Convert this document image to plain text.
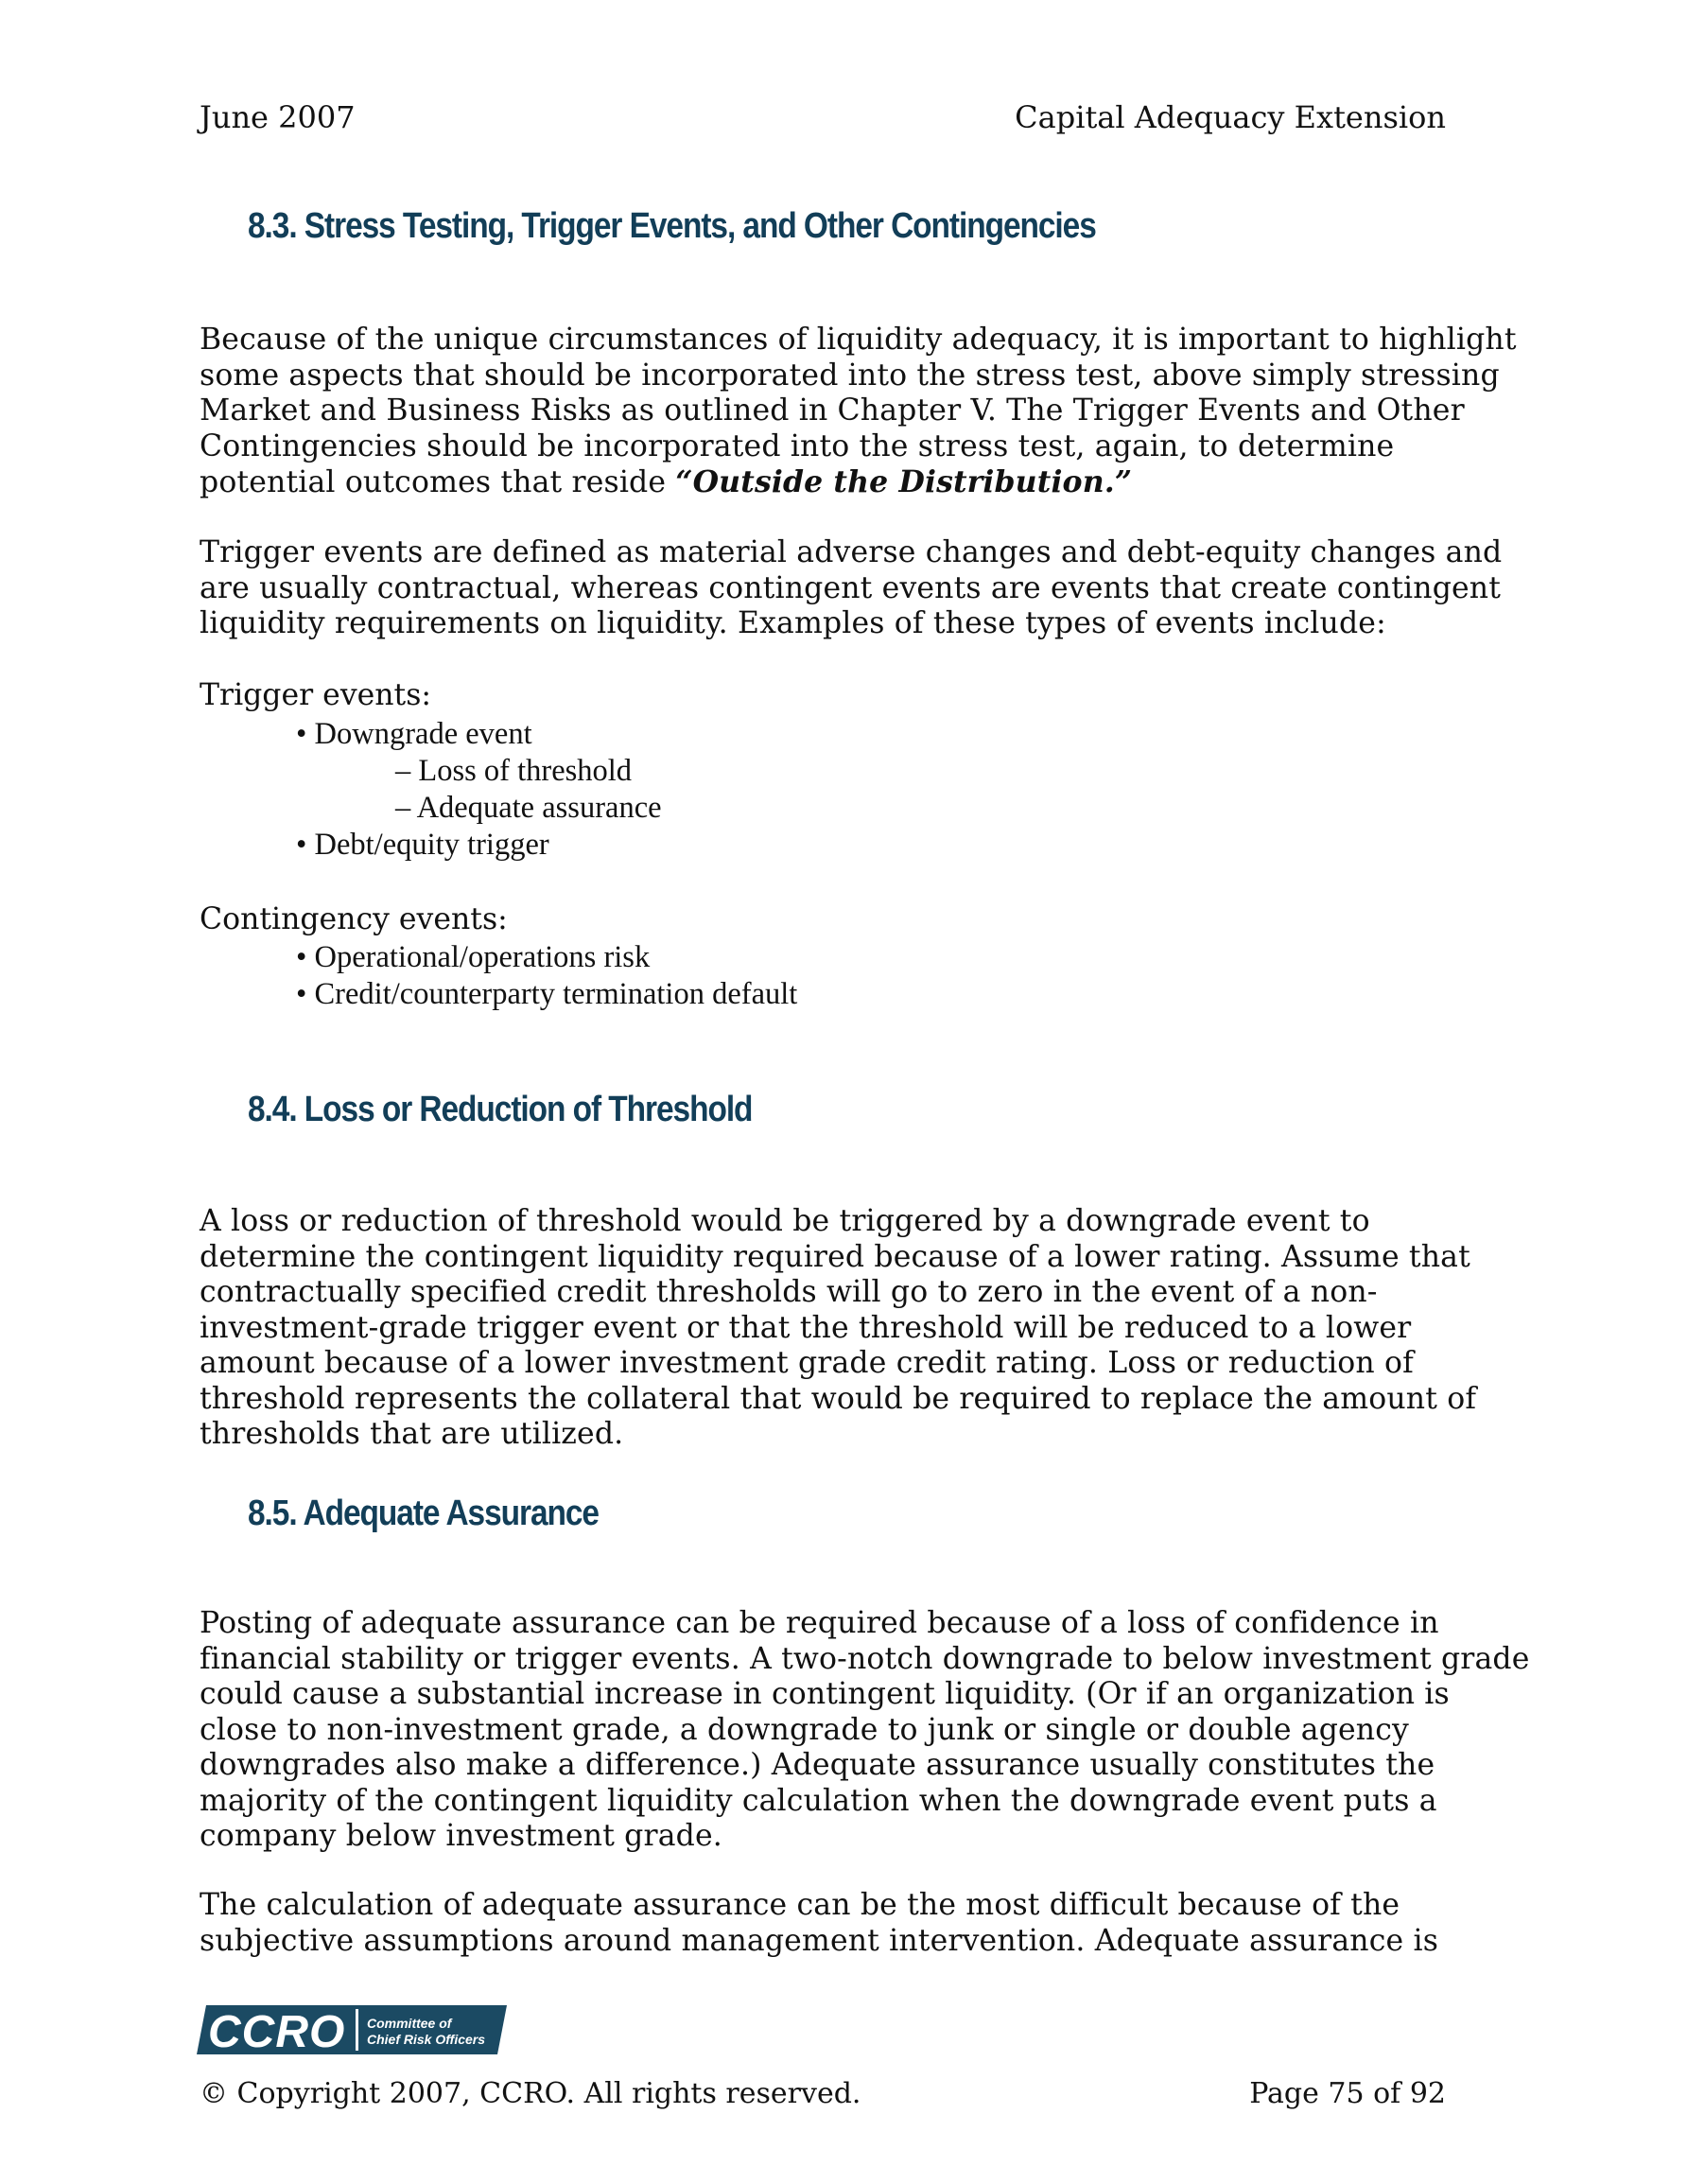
June 2007	Capital Adequacy Extension
8.3. Stress Testing, Trigger Events, and Other Contingencies

Because of the unique circumstances of liquidity adequacy, it is important to highlight some aspects that should be incorporated into the stress test, above simply stressing Market and Business Risks as outlined in Chapter V. The Trigger Events and Other Contingencies should be incorporated into the stress test, again, to determine potential outcomes that reside “Outside the Distribution.”

Trigger events are defined as material adverse changes and debt-equity changes and are usually contractual, whereas contingent events are events that create contingent liquidity requirements on liquidity. Examples of these types of events include:

Trigger events:
• Downgrade event
– Loss of threshold
– Adequate assurance
• Debt/equity trigger
Contingency events:
• Operational/operations risk
• Credit/counterparty termination default
8.4. Loss or Reduction of Threshold

A loss or reduction of threshold would be triggered by a downgrade event to determine the contingent liquidity required because of a lower rating. Assume that contractually specified credit thresholds will go to zero in the event of a non-investment-grade trigger event or that the threshold will be reduced to a lower amount because of a lower investment grade credit rating. Loss or reduction of threshold represents the collateral that would be required to replace the amount of thresholds that are utilized.

8.5. Adequate Assurance

Posting of adequate assurance can be required because of a loss of confidence in financial stability or trigger events. A two-notch downgrade to below investment grade could cause a substantial increase in contingent liquidity. (Or if an organization is close to non-investment grade, a downgrade to junk or single or double agency downgrades also make a difference.) Adequate assurance usually constitutes the majority of the contingent liquidity calculation when the downgrade event puts a company below investment grade.

The calculation of adequate assurance can be the most difficult because of the subjective assumptions around management intervention. Adequate assurance is

CCRO Committee of
Chief Risk Officers
© Copyright 2007, CCRO. All rights reserved.	Page 75 of 92
